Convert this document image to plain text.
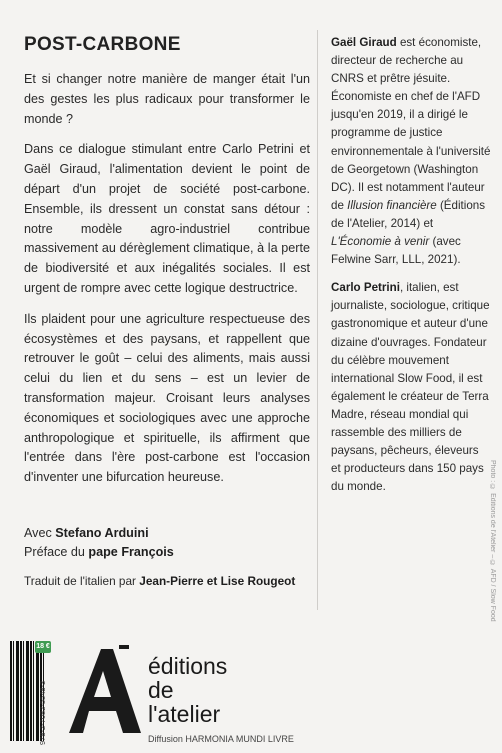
POST-CARBONE

Et si changer notre manière de manger était l'un des gestes les plus radicaux pour transformer le monde ?

Dans ce dialogue stimulant entre Carlo Petrini et Gaël Giraud, l'alimentation devient le point de départ d'un projet de société post-carbone. Ensemble, ils dressent un constat sans détour : notre modèle agro-industriel contribue massivement au dérèglement climatique, à la perte de biodiversité et aux inégalités sociales. Il est urgent de rompre avec cette logique destructrice.

Ils plaident pour une agriculture respectueuse des écosystèmes et des paysans, et rappellent que retrouver le goût – celui des aliments, mais aussi celui du lien et du sens – est un levier de transformation majeur. Croisant leurs analyses économiques et sociologiques avec une approche anthropologique et spirituelle, ils affirment que l'entrée dans l'ère post-carbone est l'occasion d'inventer une bifurcation heureuse.

Avec Stefano Arduini
Préface du pape François
Traduit de l'italien par Jean-Pierre et Lise Rougeot

Gaël Giraud est économiste, directeur de recherche au CNRS et prêtre jésuite. Économiste en chef de l'AFD jusqu'en 2019, il a dirigé le programme de justice environnementale à l'université de Georgetown (Washington DC). Il est notamment l'auteur de Illusion financière (Éditions de l'Atelier, 2014) et L'Économie à venir (avec Felwine Sarr, LLL, 2021).

Carlo Petrini, italien, est journaliste, sociologue, critique gastronomique et auteur d'une dizaine d'ouvrages. Fondateur du célèbre mouvement international Slow Food, il est également le créateur de Terra Madre, réseau mondial qui rassemble des milliers de paysans, pêcheurs, éleveurs et producteurs dans 150 pays du monde.

18 €
978-2-7082-5548-3
éditions
de
l'atelier
Diffusion HARMONIA MUNDI LIVRE
Photo : © Éditions de l'Atelier – © AFD / Slow Food
